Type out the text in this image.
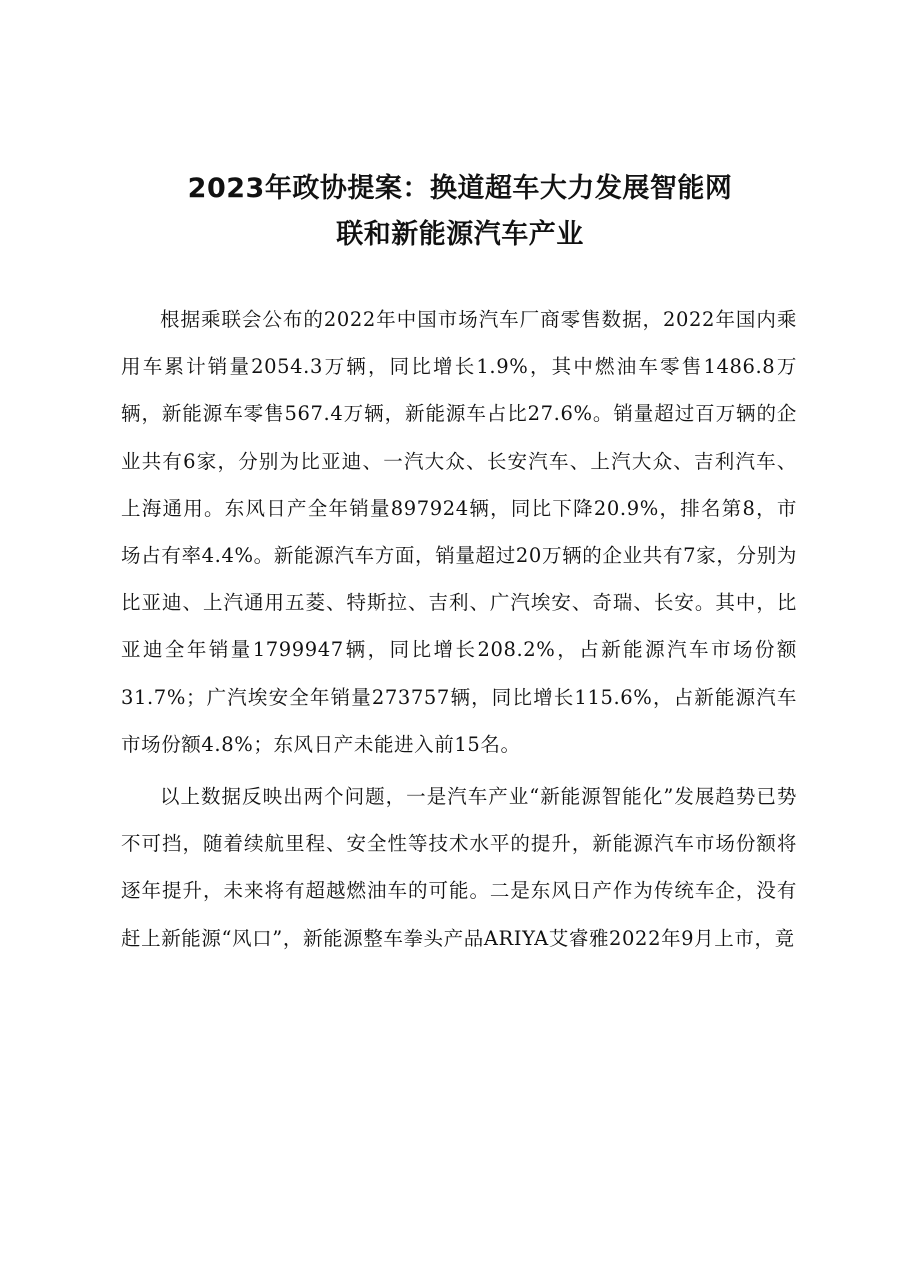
2023年政协提案：换道超车大力发展智能网
联和新能源汽车产业

根据乘联会公布的2022年中国市场汽车厂商零售数据，2022年国内乘用车累计销量2054.3万辆，同比增长1.9%，其中燃油车零售1486.8万辆，新能源车零售567.4万辆，新能源车占比27.6%。销量超过百万辆的企业共有6家，分别为比亚迪、一汽大众、长安汽车、上汽大众、吉利汽车、上海通用。东风日产全年销量897924辆，同比下降20.9%，排名第8，市场占有率4.4%。新能源汽车方面，销量超过20万辆的企业共有7家，分别为比亚迪、上汽通用五菱、特斯拉、吉利、广汽埃安、奇瑞、长安。其中，比亚迪全年销量1799947辆，同比增长208.2%，占新能源汽车市场份额31.7%；广汽埃安全年销量273757辆，同比增长115.6%，占新能源汽车市场份额4.8%；东风日产未能进入前15名。

以上数据反映出两个问题，一是汽车产业“新能源智能化”发展趋势已势不可挡，随着续航里程、安全性等技术水平的提升，新能源汽车市场份额将逐年提升，未来将有超越燃油车的可能。二是东风日产作为传统车企，没有赶上新能源“风口”，新能源整车拳头产品ARIYA艾睿雅2022年9月上市，竟
